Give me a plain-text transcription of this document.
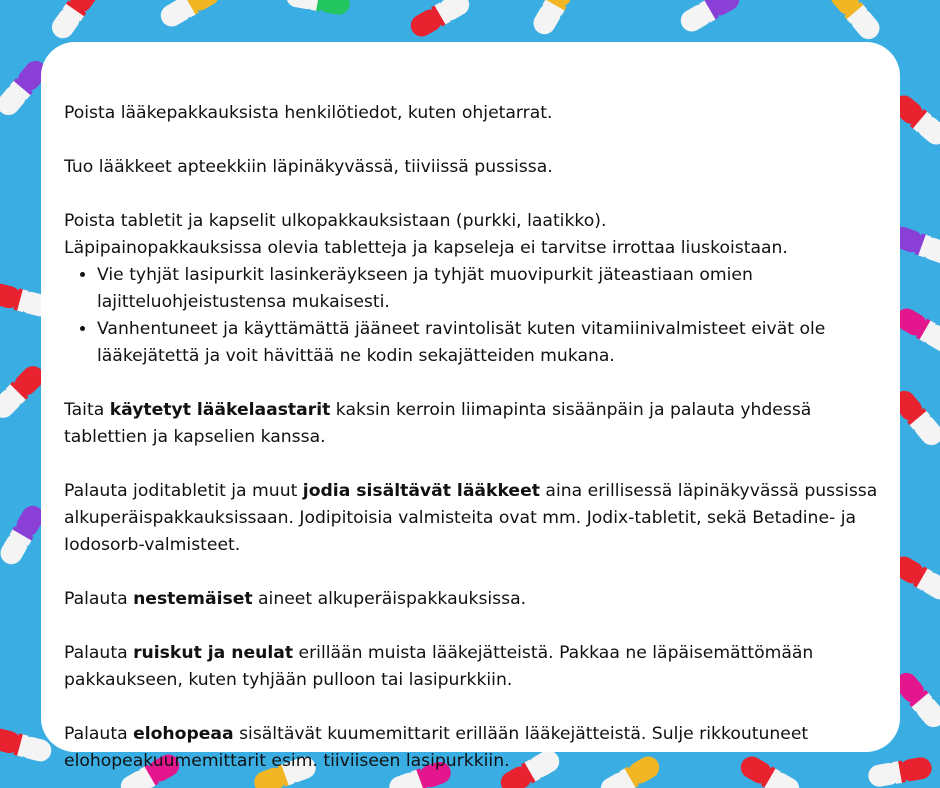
Poista lääkepakkauksista henkilötiedot, kuten ohjetarrat.

Tuo lääkkeet apteekkiin läpinäkyvässä, tiiviissä pussissa.

Poista tabletit ja kapselit ulkopakkauksistaan (purkki, laatikko).
Läpipainopakkauksissa olevia tabletteja ja kapseleja ei tarvitse irrottaa liuskoistaan.

• Vie tyhjät lasipurkit lasinkeräykseen ja tyhjät muovipurkit jäteastiaan omien lajitteluohjeistustensa mukaisesti.
• Vanhentuneet ja käyttämättä jääneet ravintolisät kuten vitamiinivalmisteet eivät ole lääkejätettä ja voit hävittää ne kodin sekajätteiden mukana.

Taita käytetyt lääkelaastarit kaksin kerroin liimapinta sisäänpäin ja palauta yhdessä tablettien ja kapselien kanssa.

Palauta joditabletit ja muut jodia sisältävät lääkkeet aina erillisessä läpinäkyvässä pussissa alkuperäispakkauksissaan. Jodipitoisia valmisteita ovat mm. Jodix-tabletit, sekä Betadine- ja Iodosorb-valmisteet.

Palauta nestemäiset aineet alkuperäispakkauksissa.

Palauta ruiskut ja neulat erillään muista lääkejätteistä. Pakkaa ne läpäisemättömään pakkaukseen, kuten tyhjään pulloon tai lasipurkkiin.

Palauta elohopeaa sisältävät kuumemittarit erillään lääkejätteistä. Sulje rikkoutuneet elohopeakuumemittarit esim. tiiviiseen lasipurkkiin.
